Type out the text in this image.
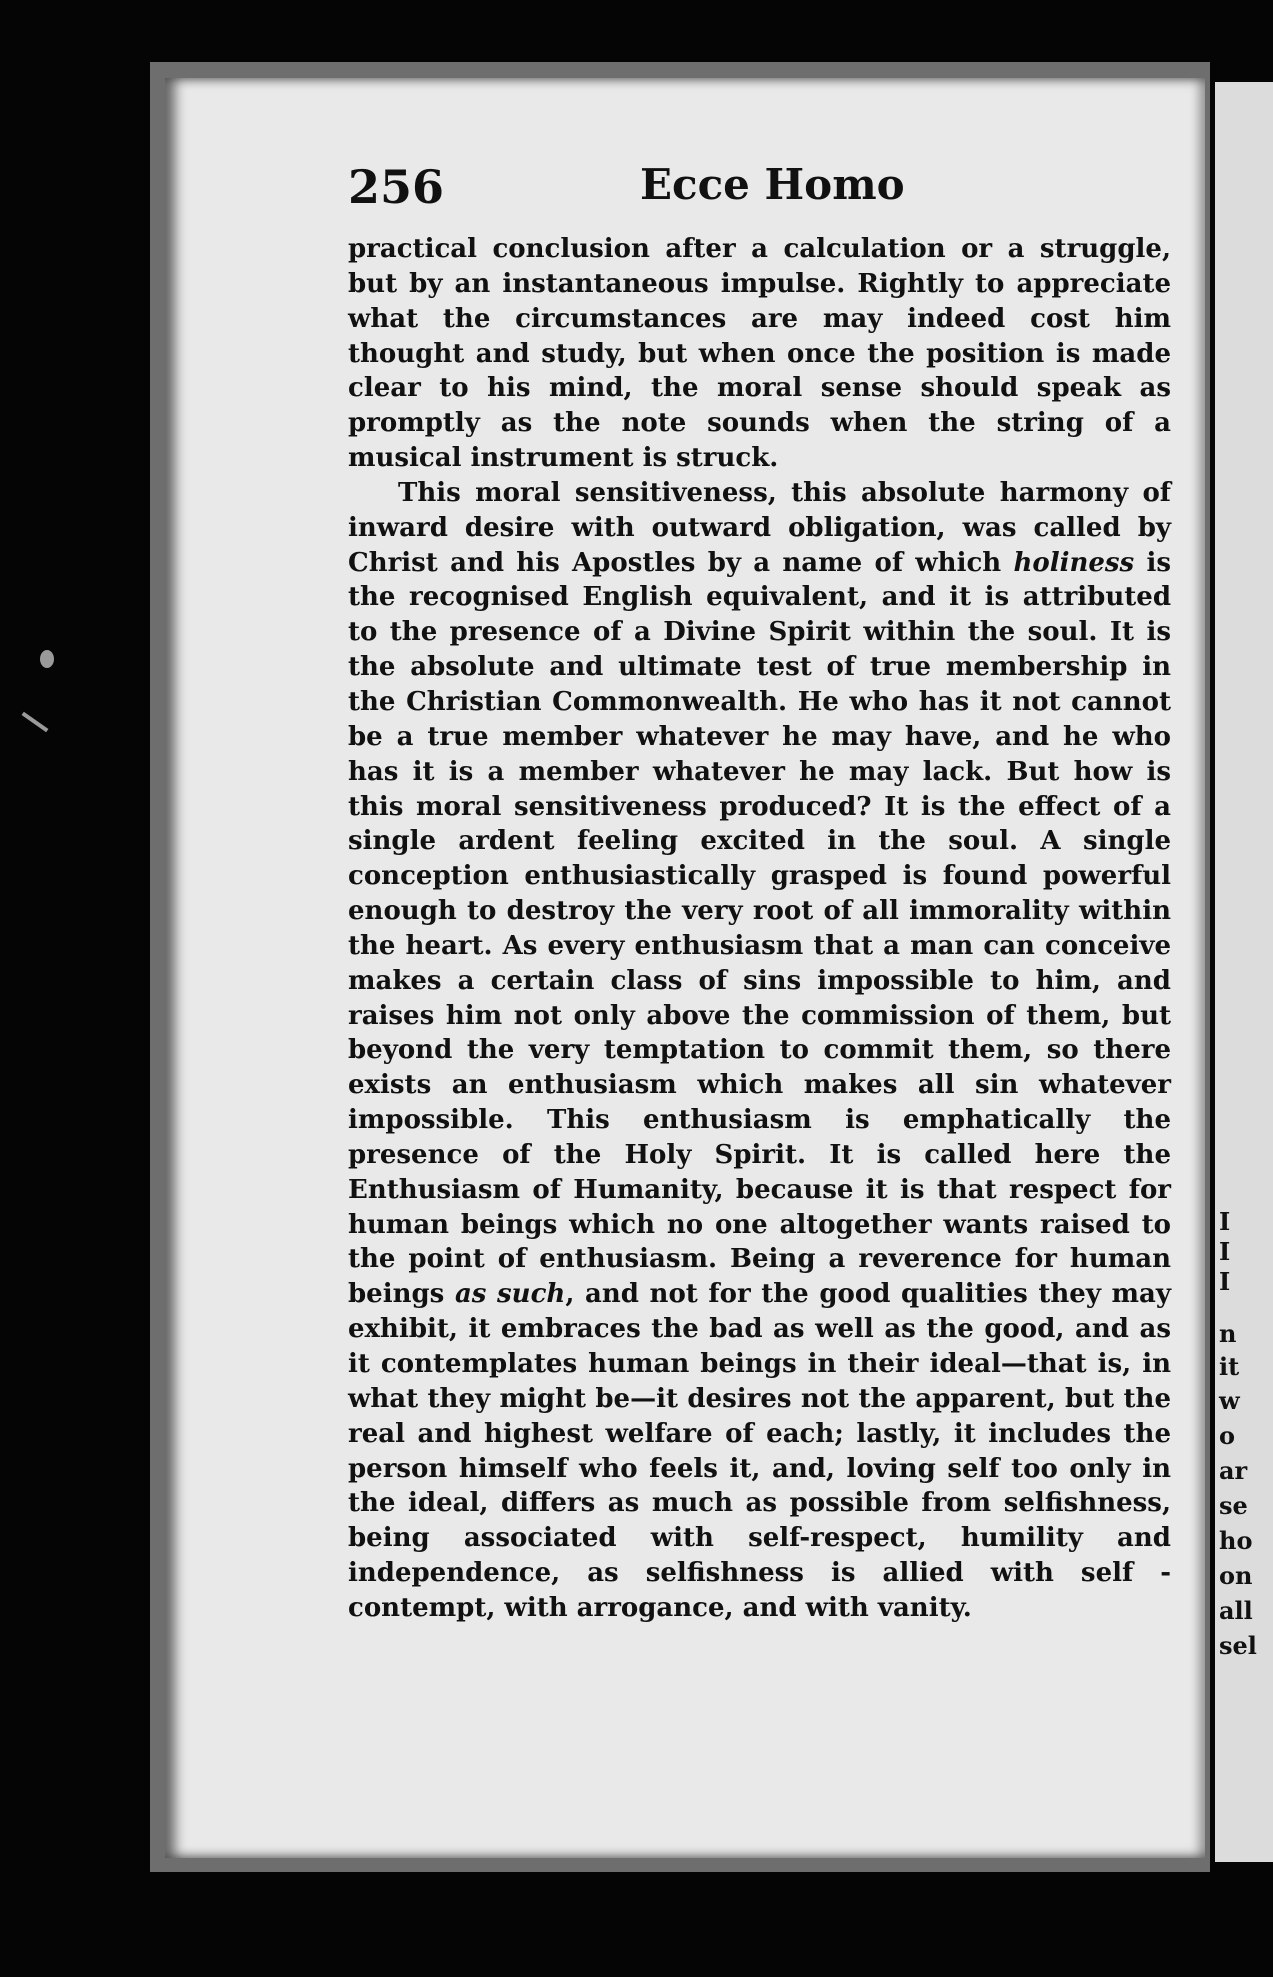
I
I
I
n
it
w
o
ar
se
ho
on
all
sel
256	Ecce Homo

practical conclusion after a calculation or a struggle, but by an instantaneous impulse. Rightly to appreciate what the circumstances are may indeed cost him thought and study, but when once the position is made clear to his mind, the moral sense should speak as promptly as the note sounds when the string of a musical instrument is struck.

This moral sensitiveness, this absolute harmony of inward desire with outward obligation, was called by Christ and his Apostles by a name of which holiness is the recognised English equivalent, and it is attributed to the presence of a Divine Spirit within the soul. It is the absolute and ultimate test of true membership in the Christian Commonwealth. He who has it not cannot be a true member whatever he may have, and he who has it is a member whatever he may lack. But how is this moral sensitiveness produced? It is the effect of a single ardent feeling excited in the soul. A single conception enthusiastically grasped is found powerful enough to destroy the very root of all immorality within the heart. As every enthusiasm that a man can conceive makes a certain class of sins impossible to him, and raises him not only above the commission of them, but beyond the very temptation to commit them, so there exists an enthusiasm which makes all sin whatever impossible. This enthusiasm is emphatically the presence of the Holy Spirit. It is called here the Enthusiasm of Humanity, because it is that respect for human beings which no one altogether wants raised to the point of enthusiasm. Being a reverence for human beings as such, and not for the good qualities they may exhibit, it embraces the bad as well as the good, and as it contemplates human beings in their ideal—that is, in what they might be—it desires not the apparent, but the real and highest welfare of each; lastly, it includes the person himself who feels it, and, loving self too only in the ideal, differs as much as possible from selfishness, being associated with self-respect, humility and independence, as selfishness is allied with self - contempt, with arrogance, and with vanity.
